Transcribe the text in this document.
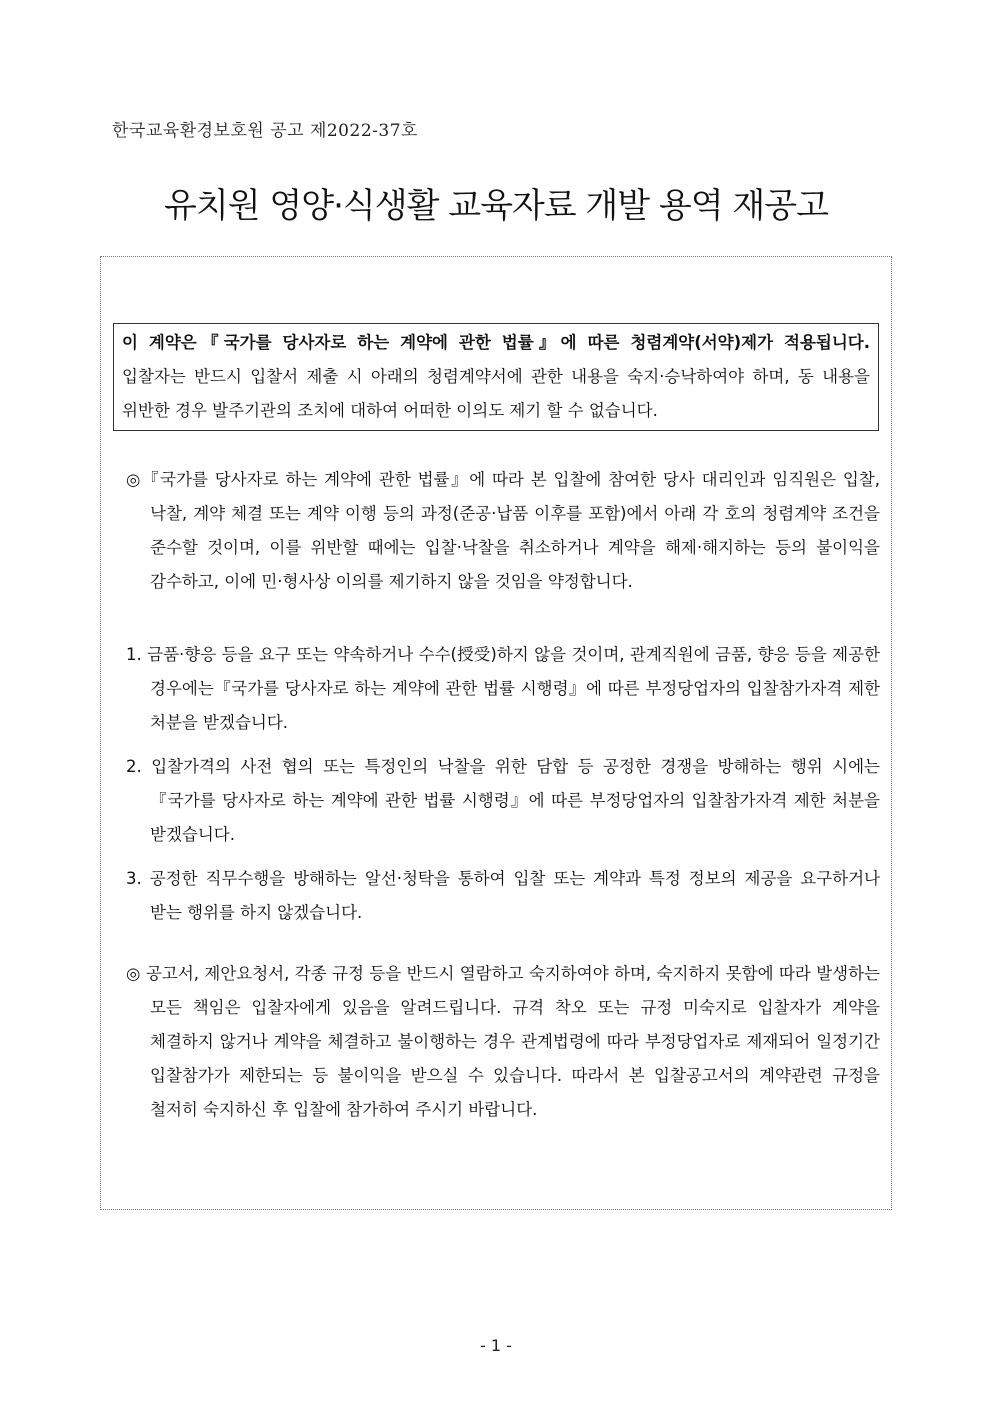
한국교육환경보호원 공고 제2022-37호
유치원 영양·식생활 교육자료 개발 용역 재공고
이 계약은『국가를 당사자로 하는 계약에 관한 법률』에 따른 청렴계약(서약)제가 적용됩니다. 입찰자는 반드시 입찰서 제출 시 아래의 청렴계약서에 관한 내용을 숙지·승낙하여야 하며, 동 내용을 위반한 경우 발주기관의 조치에 대하여 어떠한 이의도 제기 할 수 없습니다.
◎『국가를 당사자로 하는 계약에 관한 법률』에 따라 본 입찰에 참여한 당사 대리인과 임직원은 입찰, 낙찰, 계약 체결 또는 계약 이행 등의 과정(준공·납품 이후를 포함)에서 아래 각 호의 청렴계약 조건을 준수할 것이며, 이를 위반할 때에는 입찰·낙찰을 취소하거나 계약을 해제·해지하는 등의 불이익을 감수하고, 이에 민·형사상 이의를 제기하지 않을 것임을 약정합니다.
1. 금품·향응 등을 요구 또는 약속하거나 수수(授受)하지 않을 것이며, 관계직원에 금품, 향응 등을 제공한 경우에는『국가를 당사자로 하는 계약에 관한 법률 시행령』에 따른 부정당업자의 입찰참가자격 제한 처분을 받겠습니다.
2. 입찰가격의 사전 협의 또는 특정인의 낙찰을 위한 담합 등 공정한 경쟁을 방해하는 행위 시에는『국가를 당사자로 하는 계약에 관한 법률 시행령』에 따른 부정당업자의 입찰참가자격 제한 처분을 받겠습니다.
3. 공정한 직무수행을 방해하는 알선·청탁을 통하여 입찰 또는 계약과 특정 정보의 제공을 요구하거나 받는 행위를 하지 않겠습니다.
◎ 공고서, 제안요청서, 각종 규정 등을 반드시 열람하고 숙지하여야 하며, 숙지하지 못함에 따라 발생하는 모든 책임은 입찰자에게 있음을 알려드립니다. 규격 착오 또는 규정 미숙지로 입찰자가 계약을 체결하지 않거나 계약을 체결하고 불이행하는 경우 관계법령에 따라 부정당업자로 제재되어 일정기간 입찰참가가 제한되는 등 불이익을 받으실 수 있습니다. 따라서 본 입찰공고서의 계약관련 규정을 철저히 숙지하신 후 입찰에 참가하여 주시기 바랍니다.
- 1 -
